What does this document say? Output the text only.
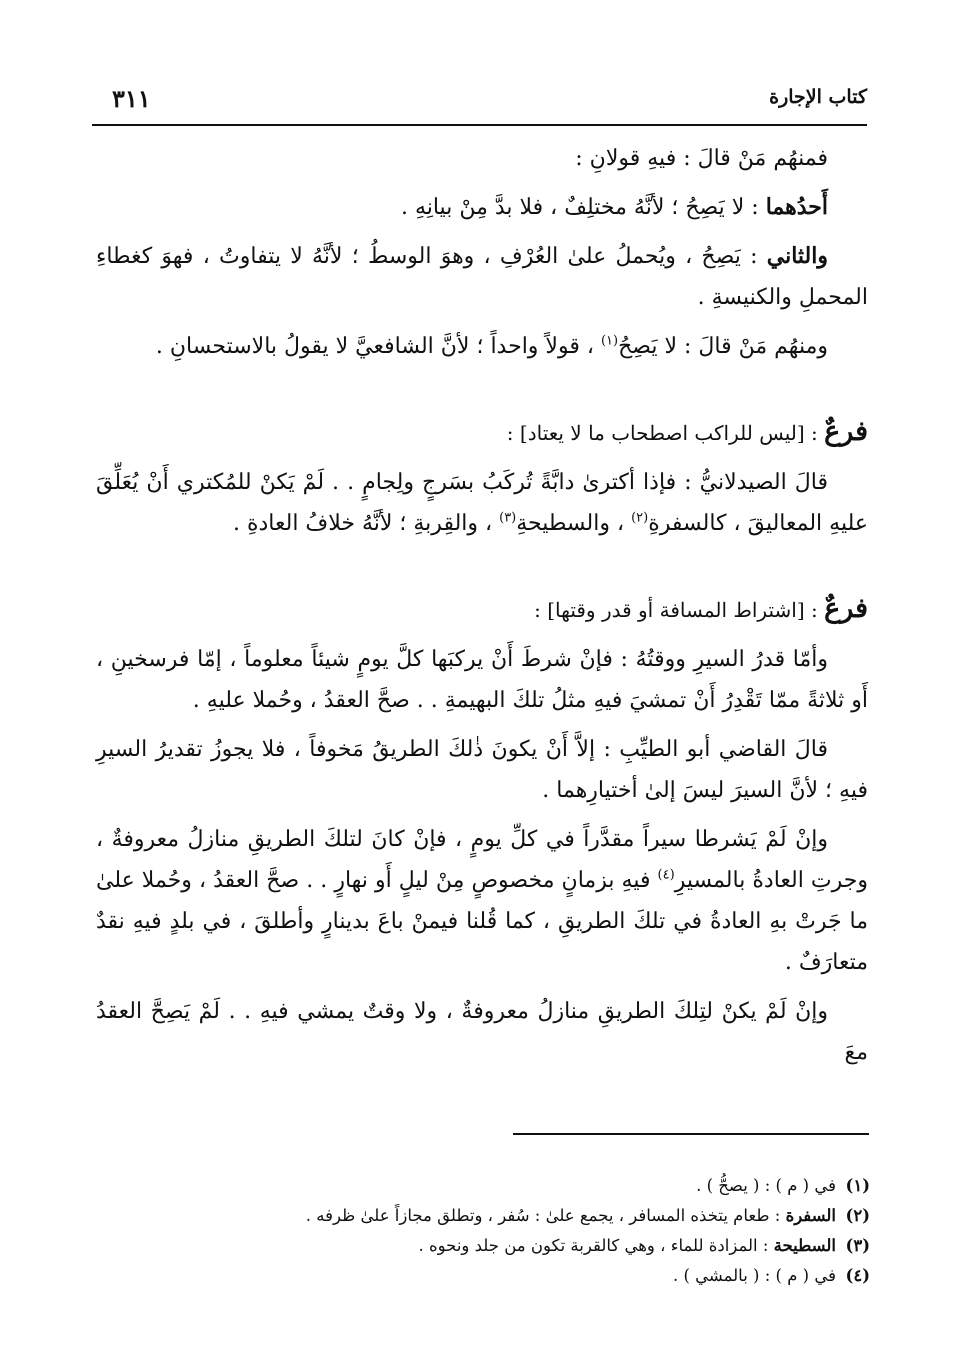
كتاب الإجارة
٣١١

فمنهُم مَنْ قالَ : فيهِ قولانِ :

أَحدُهما : لا يَصِحُ ؛ لأنَّهُ مختلِفٌ ، فلا بدَّ مِنْ بيانِهِ .

والثاني : يَصِحُ ، ويُحملُ علىٰ العُرْفِ ، وهوَ الوسطُ ؛ لأنَّهُ لا يتفاوتُ ، فهوَ كغطاءِ المحملِ والكنيسةِ .

ومنهُم مَنْ قالَ : لا يَصِحُ$^{(١)}$ ، قولاً واحداً ؛ لأنَّ الشافعيَّ لا يقولُ بالاستحسانِ .

فرعٌ : [ليس للراكب اصطحاب ما لا يعتاد] :

قالَ الصيدلانيُّ : فإذا أكترىٰ دابَّةً تُركَبُ بسَرجٍ ولِجامٍ . . لَمْ يَكنْ للمُكتري أَنْ يُعَلِّقَ عليهِ المعاليقَ ، كالسفرةِ$^{(٢)}$ ، والسطيحةِ$^{(٣)}$ ، والقِربةِ ؛ لأنَّهُ خلافُ العادةِ .

فرعٌ : [اشتراط المسافة أو قدر وقتها] :

وأمّا قدرُ السيرِ ووقتُهُ : فإنْ شرطَ أَنْ يركبَها كلَّ يومٍ شيئاً معلوماً ، إمّا فرسخينِ ، أَو ثلاثةً ممّا تَقْدِرُ أَنْ تمشيَ فيهِ مثلُ تلكَ البهيمةِ . . صحَّ العقدُ ، وحُملا عليهِ .

قالَ القاضي أبو الطيِّبِ : إلاَّ أَنْ يكونَ ذٰلكَ الطريقُ مَخوفاً ، فلا يجوزُ تقديرُ السيرِ فيهِ ؛ لأنَّ السيرَ ليسَ إلىٰ أختيارِهما .

وإنْ لَمْ يَشرطا سيراً مقدَّراً في كلِّ يومٍ ، فإنْ كانَ لتلكَ الطريقِ منازلُ معروفةٌ ، وجرتِ العادةُ بالمسيرِ$^{(٤)}$ فيهِ بزمانٍ مخصوصٍ مِنْ ليلٍ أَو نهارٍ . . صحَّ العقدُ ، وحُملا علىٰ ما جَرتْ بهِ العادةُ في تلكَ الطريقِ ، كما قُلنا فيمنْ باعَ بدينارٍ وأطلقَ ، في بلدٍ فيهِ نقدٌ متعارَفٌ .

وإنْ لَمْ يكنْ لتِلكَ الطريقِ منازلُ معروفةٌ ، ولا وقتٌ يمشي فيهِ . . لَمْ يَصِحَّ العقدُ معَ

(١)في ( م ) : ( يصحُّ ) .
(٢)السفرة : طعام يتخذه المسافر ، يجمع علىٰ : سُفر ، وتطلق مجازاً علىٰ ظرفه .
(٣)السطيحة : المزادة للماء ، وهي كالقربة تكون من جلد ونحوه .
(٤)في ( م ) : ( بالمشي ) .
